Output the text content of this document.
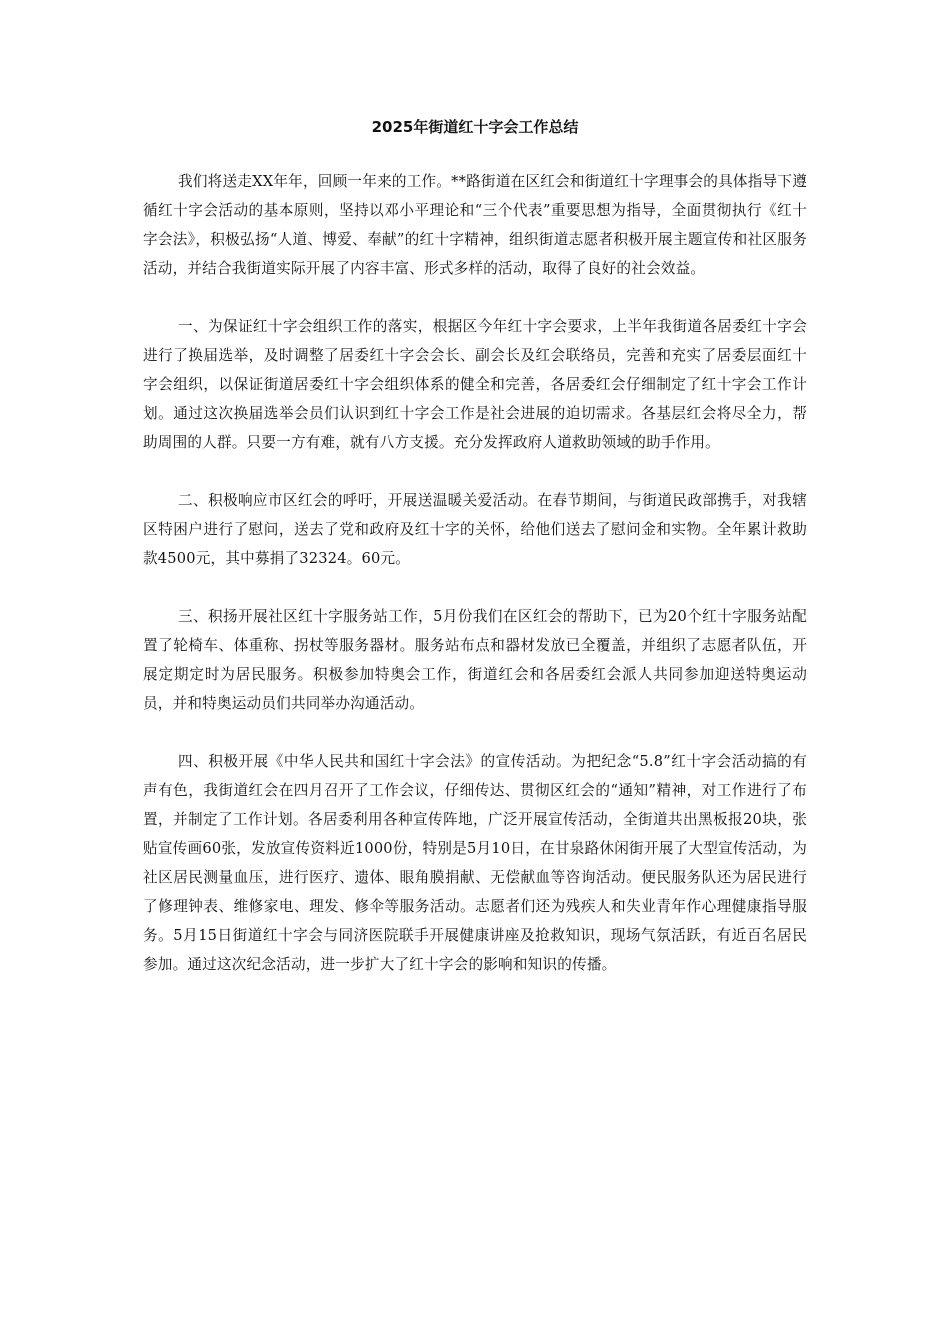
2025年街道红十字会工作总结

我们将送走XX年年，回顾一年来的工作。**路街道在区红会和街道红十字理事会的具体指导下遵循红十字会活动的基本原则，坚持以邓小平理论和“三个代表”重要思想为指导，全面贯彻执行《红十字会法》，积极弘扬“人道、博爱、奉献”的红十字精神，组织街道志愿者积极开展主题宣传和社区服务活动，并结合我街道实际开展了内容丰富、形式多样的活动，取得了良好的社会效益。

一、为保证红十字会组织工作的落实，根据区今年红十字会要求，上半年我街道各居委红十字会进行了换届选举，及时调整了居委红十字会会长、副会长及红会联络员，完善和充实了居委层面红十字会组织，以保证街道居委红十字会组织体系的健全和完善，各居委红会仔细制定了红十字会工作计划。通过这次换届选举会员们认识到红十字会工作是社会进展的迫切需求。各基层红会将尽全力，帮助周围的人群。只要一方有难，就有八方支援。充分发挥政府人道救助领域的助手作用。

二、积极响应市区红会的呼吁，开展送温暖关爱活动。在春节期间，与街道民政部携手，对我辖区特困户进行了慰问，送去了党和政府及红十字的关怀，给他们送去了慰问金和实物。全年累计救助款4500元，其中募捐了32324。60元。

三、积扬开展社区红十字服务站工作，5月份我们在区红会的帮助下，已为20个红十字服务站配置了轮椅车、体重称、拐杖等服务器材。服务站布点和器材发放已全覆盖，并组织了志愿者队伍，开展定期定时为居民服务。积极参加特奥会工作，街道红会和各居委红会派人共同参加迎送特奥运动员，并和特奥运动员们共同举办沟通活动。

四、积极开展《中华人民共和国红十字会法》的宣传活动。为把纪念“5.8”红十字会活动搞的有声有色，我街道红会在四月召开了工作会议，仔细传达、贯彻区红会的“通知”精神，对工作进行了布置，并制定了工作计划。各居委利用各种宣传阵地，广泛开展宣传活动，全街道共出黑板报20块，张贴宣传画60张，发放宣传资料近1000份，特别是5月10日，在甘泉路休闲街开展了大型宣传活动，为社区居民测量血压，进行医疗、遗体、眼角膜捐献、无偿献血等咨询活动。便民服务队还为居民进行了修理钟表、维修家电、理发、修伞等服务活动。志愿者们还为残疾人和失业青年作心理健康指导服务。5月15日街道红十字会与同济医院联手开展健康讲座及抢救知识，现场气氛活跃，有近百名居民参加。通过这次纪念活动，进一步扩大了红十字会的影响和知识的传播。
